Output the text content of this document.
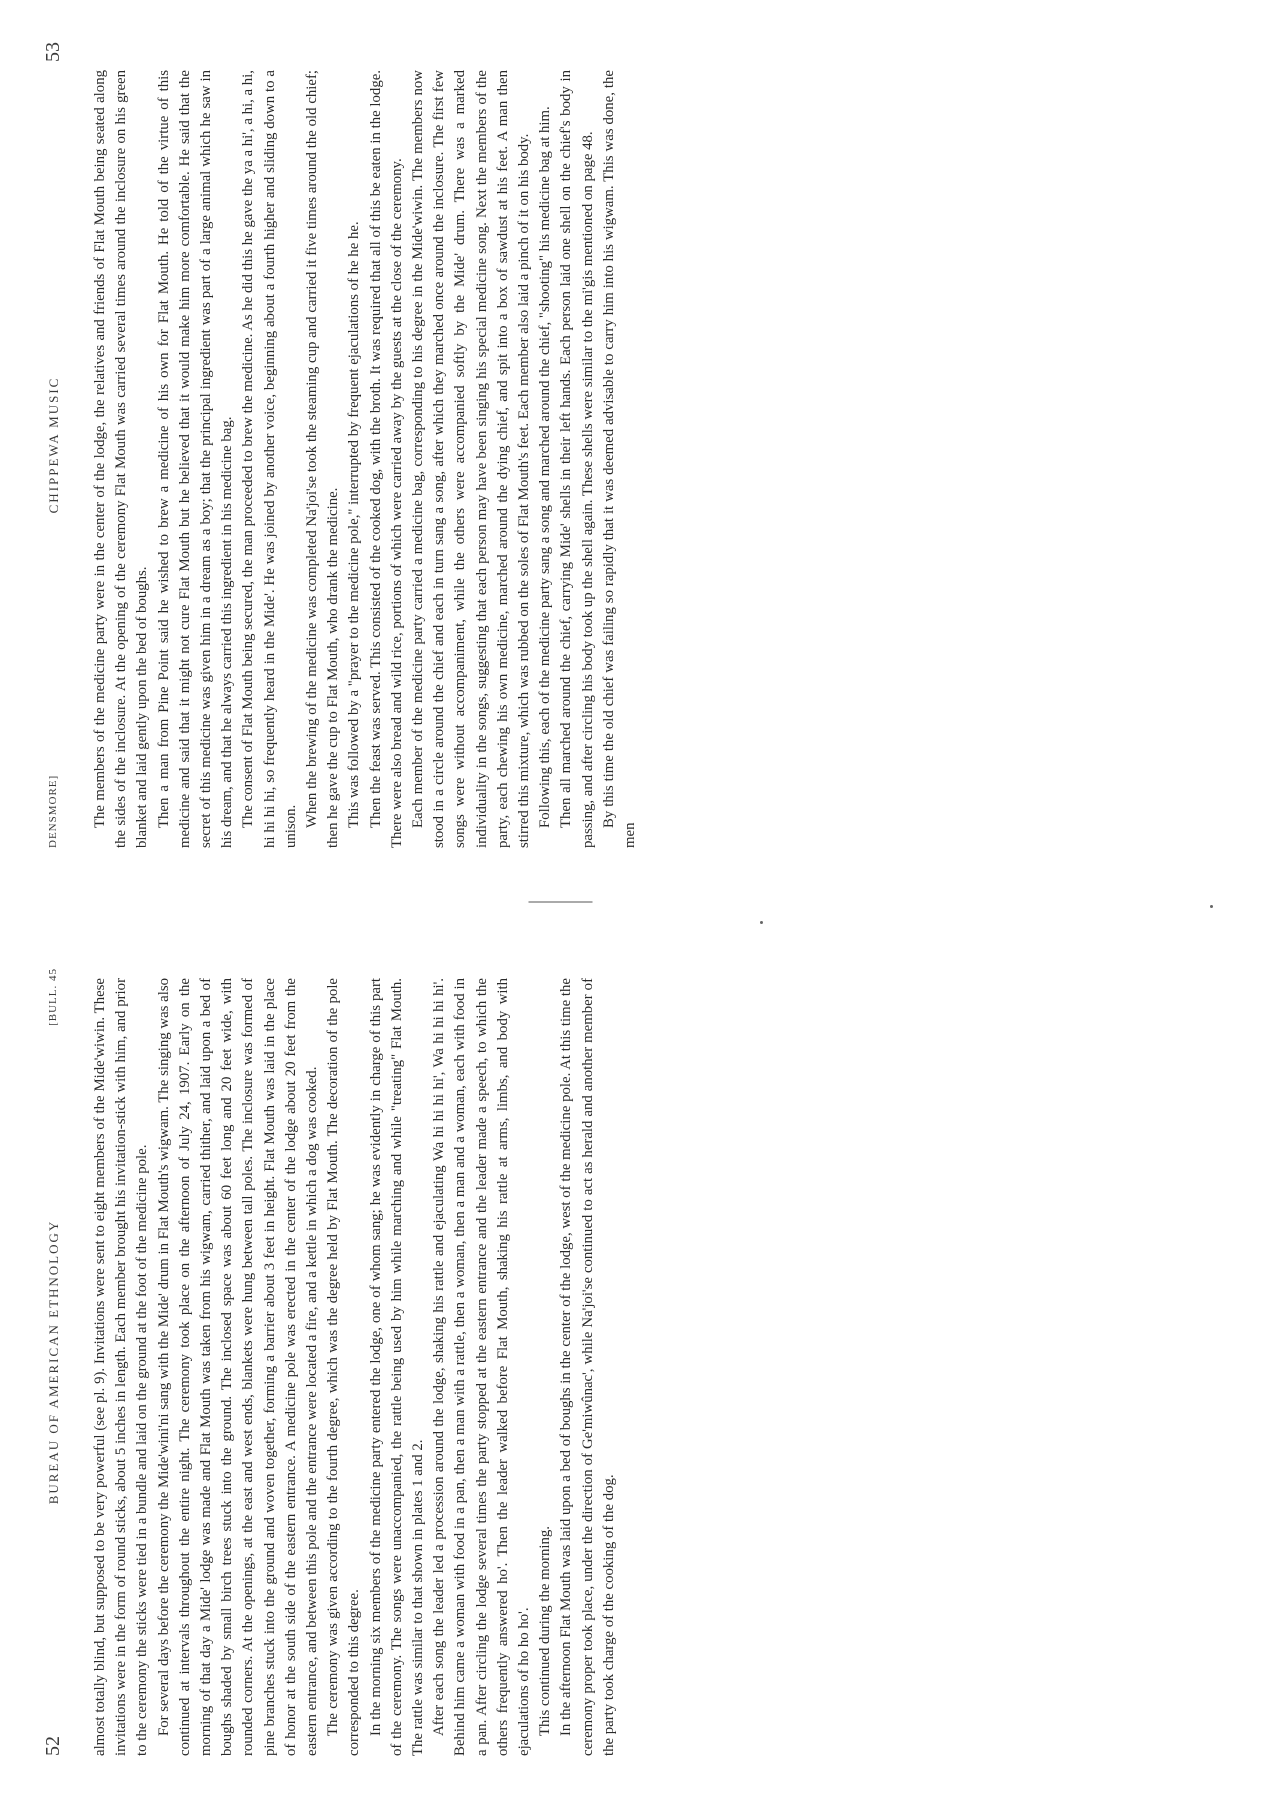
52
BUREAU OF AMERICAN ETHNOLOGY
[BULL. 45 almost totally blind, but supposed to be very powerful (see pl. 9). Invitations were sent to eight members of the Mide'wiwin. These invitations were in the form of round sticks, about 5 inches in length. Each member brought his invitation-stick with him, and prior to the ceremony the sticks were tied in a bundle and laid on the ground at the foot of the medicine pole. For several days before the ceremony the Mide'wini'ni sang with the Mide' drum in Flat Mouth's wigwam. The singing was also continued at intervals throughout the entire night. The ceremony took place on the afternoon of July 24, 1907. Early on the morning of that day a Mide' lodge was made and Flat Mouth was taken from his wigwam, carried thither, and laid upon a bed of boughs shaded by small birch trees stuck into the ground. The inclosed space was about 60 feet long and 20 feet wide, with rounded corners. At the openings, at the east and west ends, blankets were hung between tall poles. The inclosure was formed of pine branches stuck into the ground and woven together, forming a barrier about 3 feet in height. Flat Mouth was laid in the place of honor at the south side of the eastern entrance. A medicine pole was erected in the center of the lodge about 20 feet from the eastern entrance, and between this pole and the entrance were located a fire, and a kettle in which a dog was cooked. The ceremony was given according to the fourth degree, which was the degree held by Flat Mouth. The decoration of the pole corresponded to this degree. In the morning six members of the medicine party entered the lodge, one of whom sang; he was evidently in charge of this part of the ceremony. The songs were unaccompanied, the rattle being used by him while marching and while "treating" Flat Mouth. The rattle was similar to that shown in plates 1 and 2. After each song the leader led a procession around the lodge, shaking his rattle and ejaculating Wa hi hi hi hi', Wa hi hi hi hi'. Behind him came a woman with food in a pan, then a man with a rattle, then a woman, then a man and a woman, each with food in a pan. After circling the lodge several times the party stopped at the eastern entrance and the leader made a speech, to which the others frequently answered ho'. Then the leader walked before Flat Mouth, shaking his rattle at arms, limbs, and body with ejaculations of ho ho ho'. This continued during the morning. In the afternoon Flat Mouth was laid upon a bed of boughs in the center of the lodge, west of the medicine pole. At this time the ceremony proper took place, under the direction of Ge'miwûnac', while Na'joi'se continued to act as herald and another member of the party took charge of the cooking of the dog.

DENSMORE]
CHIPPEWA MUSIC
53

The members of the medicine party were in the center of the lodge, the relatives and friends of Flat Mouth being seated along the sides of the inclosure. At the opening of the ceremony Flat Mouth was carried several times around the inclosure on his green blanket and laid gently upon the bed of boughs. Then a man from Pine Point said he wished to brew a medicine of his own for Flat Mouth. He told of the virtue of this medicine and said that it might not cure Flat Mouth but he believed that it would make him more comfortable. He said that the secret of this medicine was given him in a dream as a boy; that the principal ingredient was part of a large animal which he saw in his dream, and that he always carried this ingredient in his medicine bag. The consent of Flat Mouth being secured, the man proceeded to brew the medicine. As he did this he gave the ya a hi', a hi, a hi, hi hi hi hi, so frequently heard in the Mide'. He was joined by another voice, beginning about a fourth higher and sliding down to a unison. When the brewing of the medicine was completed Na'joi'se took the steaming cup and carried it five times around the old chief; then he gave the cup to Flat Mouth, who drank the medicine. This was followed by a "prayer to the medicine pole," interrupted by frequent ejaculations of he he he. Then the feast was served. This consisted of the cooked dog, with the broth. It was required that all of this be eaten in the lodge. There were also bread and wild rice, portions of which were carried away by the guests at the close of the ceremony. Each member of the medicine party carried a medicine bag, corresponding to his degree in the Mide'wiwin. The members now stood in a circle around the chief and each in turn sang a song, after which they marched once around the inclosure. The first few songs were without accompaniment, while the others were accompanied softly by the Mide' drum. There was a marked individuality in the songs, suggesting that each person may have been singing his special medicine song. Next the members of the party, each chewing his own medicine, marched around the dying chief, and spit into a box of sawdust at his feet. A man then stirred this mixture, which was rubbed on the soles of Flat Mouth's feet. Each member also laid a pinch of it on his body. Following this, each of the medicine party sang a song and marched around the chief, "shooting" his medicine bag at him. Then all marched around the chief, carrying Mide' shells in their left hands. Each person laid one shell on the chief's body in passing, and after circling his body took up the shell again. These shells were similar to the mi'gis mentioned on page 48. By this time the old chief was failing so rapidly that it was deemed advisable to carry him into his wigwam. This was done, the men
